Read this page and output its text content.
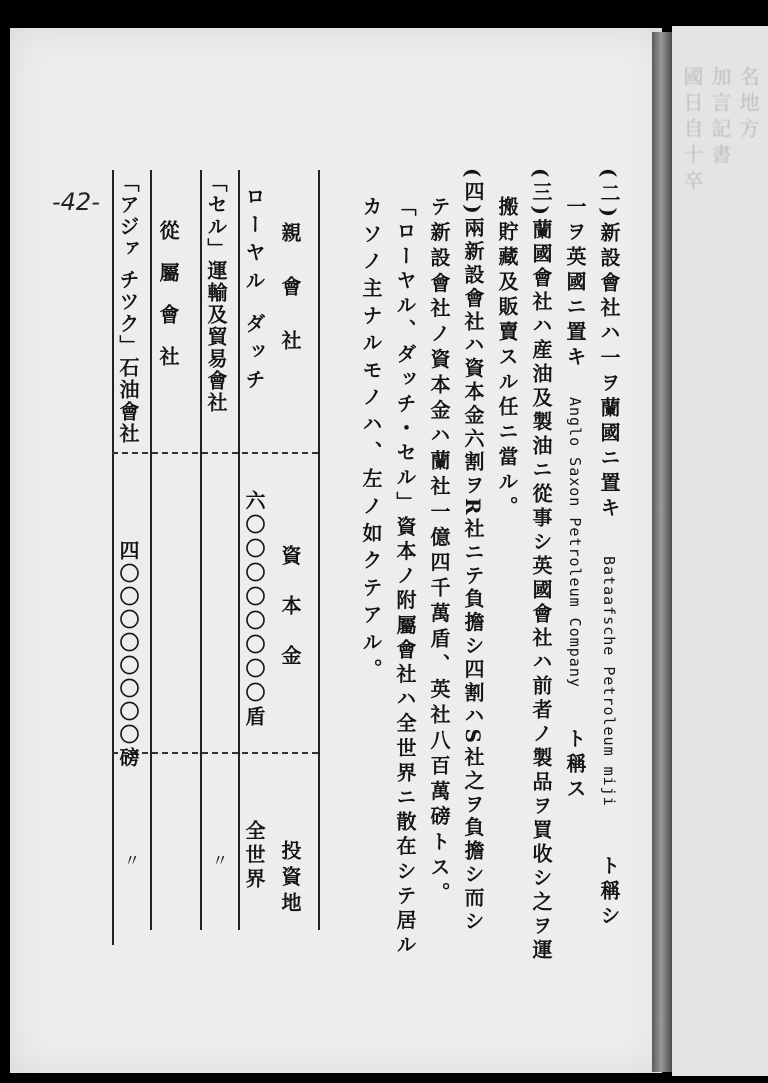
國日自十卒 加言記書 名地方
-42-	(二)新設會社ハ一ヲ蘭國ニ置キ Bataafsche Petroleum miji ト稱シ
一ヲ英國ニ置キ Anglo Saxon Petroleum Company ト稱ス
(三)蘭國會社ハ産油及製油ニ從事シ英國會社ハ前者ノ製品ヲ買收シ之ヲ運
搬貯藏及販賣スル任ニ當ル。
(四)兩新設會社ハ資本金六割ヲR社ニテ負擔シ四割ハS社之ヲ負擔シ而シ
テ新設會社ノ資本金ハ蘭社一億四千萬盾、英社八百萬磅トス。
「ローヤル、ダッチ・セル」資本ノ附屬會社ハ全世界ニ散在シテ居ル
カソノ主ナルモノハ、左ノ如クテアル。
親會社
資本金
投資地
ローヤル ダッチ
六〇〇〇〇〇〇〇〇盾
全世界
「セル」運輸及貿易會社
〃
從屬會社
「アジァ チツク」石油會社
四〇〇〇〇〇〇〇〇磅
〃
